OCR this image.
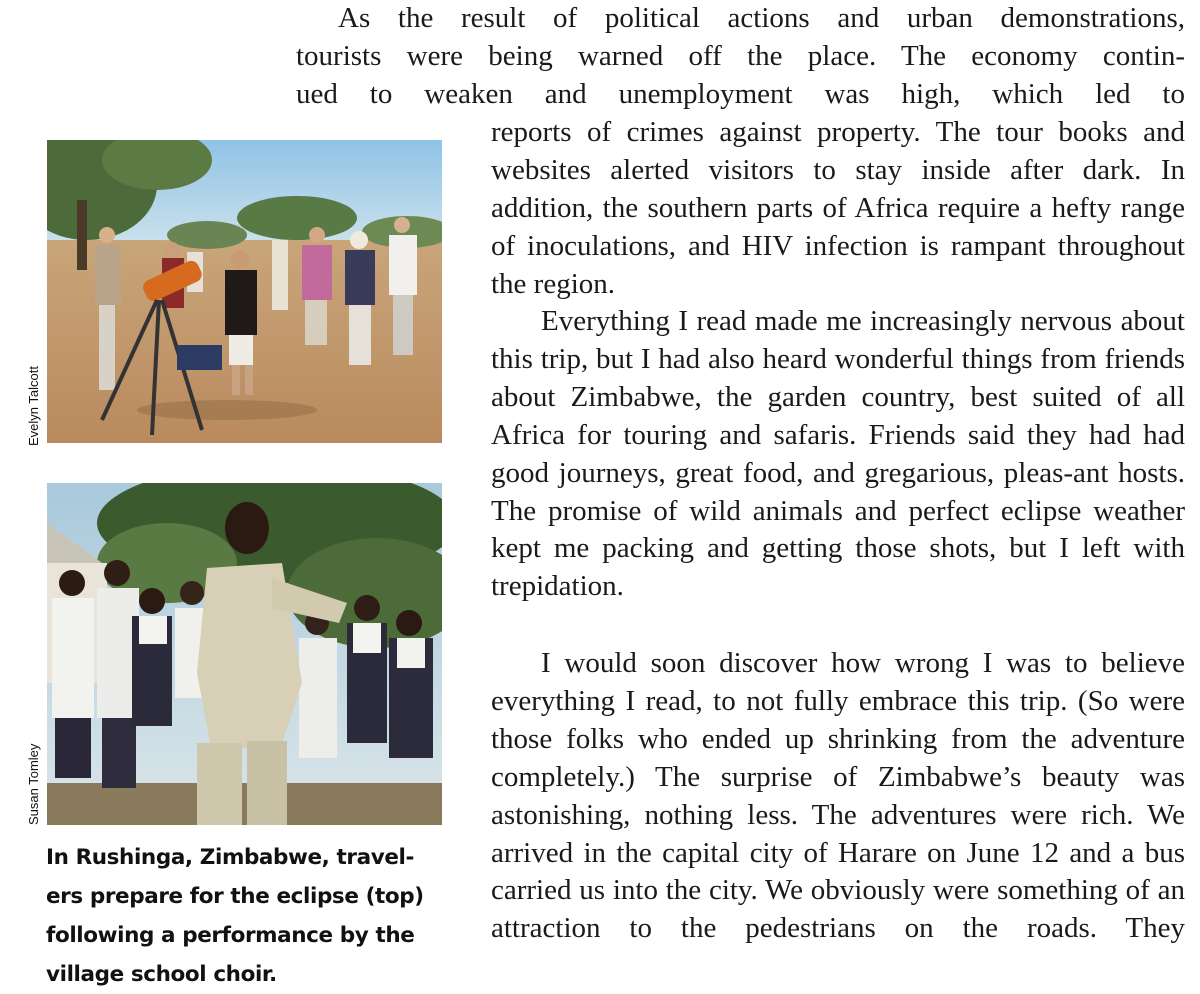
As the result of political actions and urban demonstrations,
tourists were being warned off the place. The economy contin-
ued to weaken and unemployment was high, which led to

reports of crimes against property. The tour books and websites alerted visitors to stay inside after dark. In addition, the southern parts of Africa require a hefty range of inoculations, and HIV infection is rampant throughout the region.

Everything I read made me increasingly nervous about this trip, but I had also heard wonderful things from friends about Zimbabwe, the garden country, best suited of all Africa for touring and safaris. Friends said they had had good journeys, great food, and gregarious, pleas-ant hosts. The promise of wild animals and perfect eclipse weather kept me packing and getting those shots, but I left with trepidation.

I would soon discover how wrong I was to believe everything I read, to not fully embrace this trip. (So were those folks who ended up shrinking from the adventure completely.) The surprise of Zimbabwe’s beauty was astonishing, nothing less. The adventures were rich. We arrived in the capital city of Harare on June 12 and a bus carried us into the city. We obviously were something of an attraction to the pedestrians on the roads. They

Evelyn Talcott
Susan Tomley
In Rushinga, Zimbabwe, travel-
ers prepare for the eclipse (top)
following a performance by the
village school choir.
